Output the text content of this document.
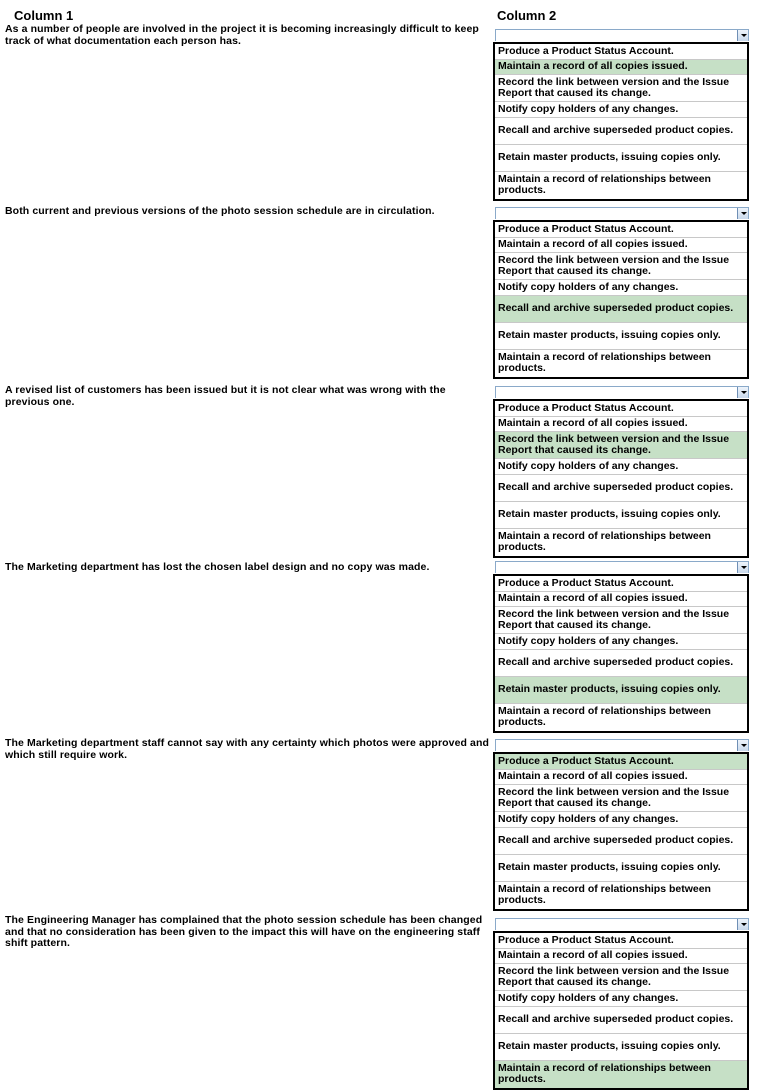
Column 1	Column 2
As a number of people are involved in the project it is becoming increasingly difficult to keep track of what documentation each person has.
Produce a Product Status Account.
Maintain a record of all copies issued.
Record the link between version and the Issue Report that caused its change.
Notify copy holders of any changes.
Recall and archive superseded product copies.
Retain master products, issuing copies only.
Maintain a record of relationships between products.
Both current and previous versions of the photo session schedule are in circulation.
Produce a Product Status Account.
Maintain a record of all copies issued.
Record the link between version and the Issue Report that caused its change.
Notify copy holders of any changes.
Recall and archive superseded product copies.
Retain master products, issuing copies only.
Maintain a record of relationships between products.
A revised list of customers has been issued but it is not clear what was wrong with the previous one.
Produce a Product Status Account.
Maintain a record of all copies issued.
Record the link between version and the Issue Report that caused its change.
Notify copy holders of any changes.
Recall and archive superseded product copies.
Retain master products, issuing copies only.
Maintain a record of relationships between products.
The Marketing department has lost the chosen label design and no copy was made.
Produce a Product Status Account.
Maintain a record of all copies issued.
Record the link between version and the Issue Report that caused its change.
Notify copy holders of any changes.
Recall and archive superseded product copies.
Retain master products, issuing copies only.
Maintain a record of relationships between products.
The Marketing department staff cannot say with any certainty which photos were approved and which still require work.
Produce a Product Status Account.
Maintain a record of all copies issued.
Record the link between version and the Issue Report that caused its change.
Notify copy holders of any changes.
Recall and archive superseded product copies.
Retain master products, issuing copies only.
Maintain a record of relationships between products.
The Engineering Manager has complained that the photo session schedule has been changed and that no consideration has been given to the impact this will have on the engineering staff shift pattern.	Produce a Product Status Account.
Maintain a record of all copies issued.
Record the link between version and the Issue Report that caused its change.
Notify copy holders of any changes.
Recall and archive superseded product copies.
Retain master products, issuing copies only.
Maintain a record of relationships between products.
